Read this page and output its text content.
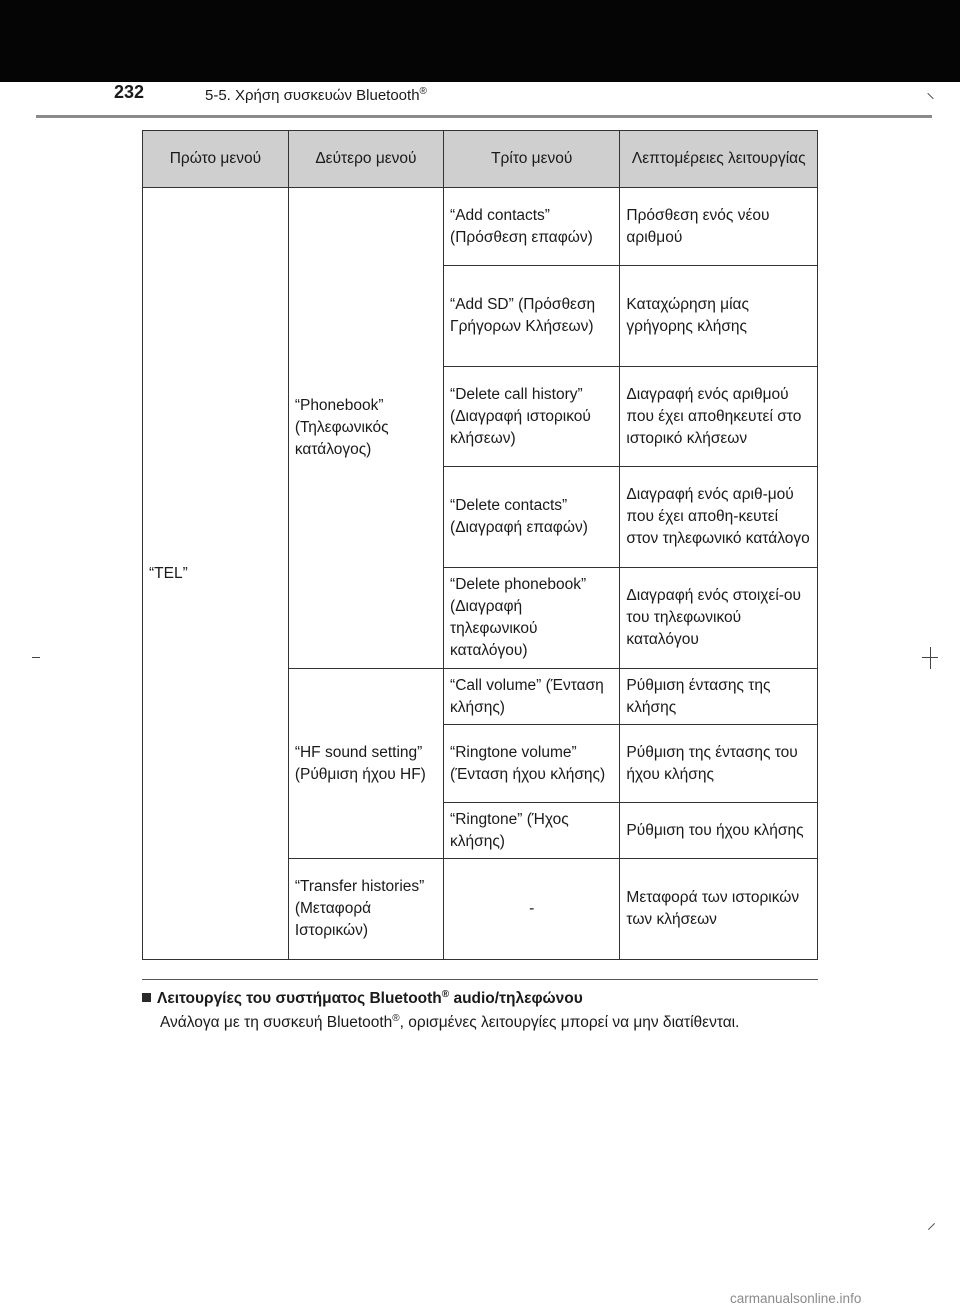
232	5-5. Χρήση συσκευών Bluetooth®
Πρώτο μενού	Δεύτερο μενού	Τρίτο μενού	Λεπτομέρειες λειτουργίας
“TEL”	“Phonebook” (Τηλεφωνικός κατάλογος)	“Add contacts” (Πρόσθεση επαφών)	Πρόσθεση ενός νέου αριθμού
		“Add SD” (Πρόσθεση Γρήγορων Κλήσεων)	Καταχώρηση μίας γρήγορης κλήσης
		“Delete call history” (Διαγραφή ιστορικού κλήσεων)	Διαγραφή ενός αριθμού που έχει αποθηκευτεί στο ιστορικό κλήσεων
		“Delete contacts” (Διαγραφή επαφών)	Διαγραφή ενός αριθ-μού που έχει αποθη-κευτεί στον τηλεφωνικό κατάλογο
		“Delete phonebook” (Διαγραφή τηλεφωνικού καταλόγου)	Διαγραφή ενός στοιχεί-ου του τηλεφωνικού καταλόγου
	“HF sound setting” (Ρύθμιση ήχου HF)	“Call volume” (Ένταση κλήσης)	Ρύθμιση έντασης της κλήσης
		“Ringtone volume” (Ένταση ήχου κλήσης)	Ρύθμιση της έντασης του ήχου κλήσης
		“Ringtone” (Ήχος κλήσης)	Ρύθμιση του ήχου κλήσης
	“Transfer histories” (Μεταφορά Ιστορικών)	-	Μεταφορά των ιστορικών των κλήσεων
Λειτουργίες του συστήματος Bluetooth® audio/τηλεφώνου
Ανάλογα με τη συσκευή Bluetooth®, ορισμένες λειτουργίες μπορεί να μην διατίθενται.
carmanualsonline.info
